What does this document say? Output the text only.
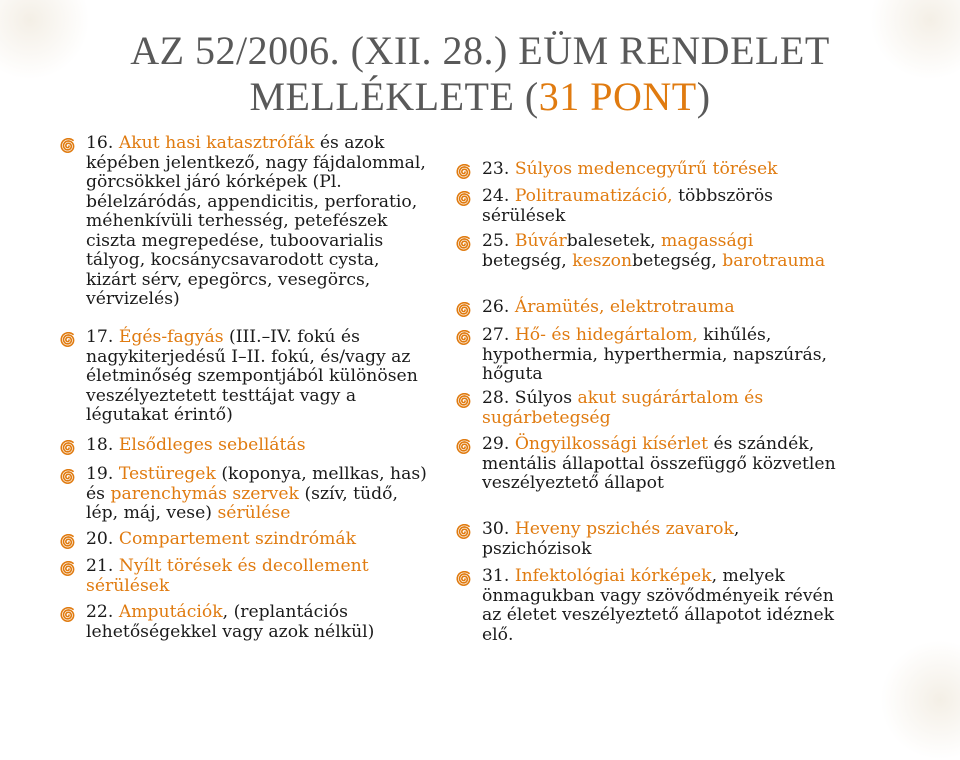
AZ 52/2006. (XII. 28.) EÜM RENDELET
MELLÉKLETE (31 PONT)
16. Akut hasi katasztrófák és azok képében jelentkező, nagy fájdalommal, görcsökkel járó kórképek (Pl. bélelzáródás, appendicitis, perforatio, méhenkívüli terhesség, petefészek ciszta megrepedése, tuboovarialis tályog, kocsánycsavarodott cysta, kizárt sérv, epegörcs, vesegörcs, vérvizelés)
17. Égés-fagyás (III.–IV. fokú és nagykiterjedésű I–II. fokú, és/vagy az életminőség szempontjából különösen veszélyeztetett testtájat vagy a légutakat érintő)
18. Elsődleges sebellátás
19. Testüregek (koponya, mellkas, has) és parenchymás szervek (szív, tüdő, lép, máj, vese) sérülése
20. Compartement szindrómák
21. Nyílt törések és decollement sérülések
22. Amputációk, (replantációs lehetőségekkel vagy azok nélkül)
23. Súlyos medencegyűrű törések
24. Politraumatizáció, többszörös sérülések
25. Búvárbalesetek, magassági betegség, keszonbetegség, barotrauma
26. Áramütés, elektrotrauma
27. Hő- és hidegártalom, kihűlés, hypothermia, hyperthermia, napszúrás, hőguta
28. Súlyos akut sugárártalom és sugárbetegség
29. Öngyilkossági kísérlet és szándék, mentális állapottal összefüggő közvetlen veszélyeztető állapot
30. Heveny pszichés zavarok, pszichózisok
31. Infektológiai kórképek, melyek önmagukban vagy szövődményeik révén az életet veszélyeztető állapotot idéznek elő.
